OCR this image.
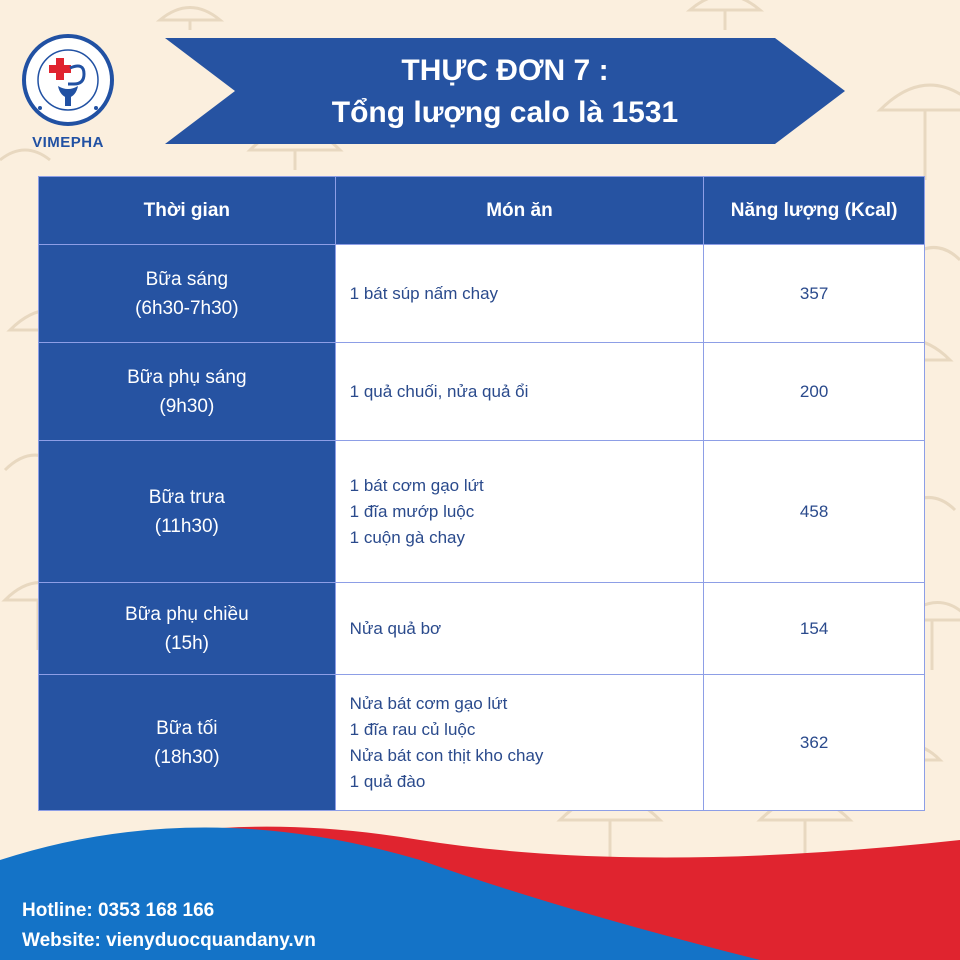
VIMEPHA
THỰC ĐƠN 7 :
Tổng lượng calo là 1531
Thời gian	Món ăn	Năng lượng (Kcal)

Bữa sáng
(6h30-7h30)	1 bát súp nấm chay	357

Bữa phụ sáng
(9h30)	1 quả chuối, nửa quả ổi	200

Bữa trưa
(11h30)	1 bát cơm gạo lứt
1 đĩa mướp luộc
1 cuộn gà chay	458

Bữa phụ chiều
(15h)	Nửa quả bơ	154

Bữa tối
(18h30)	Nửa bát cơm gạo lứt
1 đĩa rau củ luộc
Nửa bát con thịt kho chay
1 quả đào	362
Hotline: 0353 168 166
Website: vienyduocquandany.vn
